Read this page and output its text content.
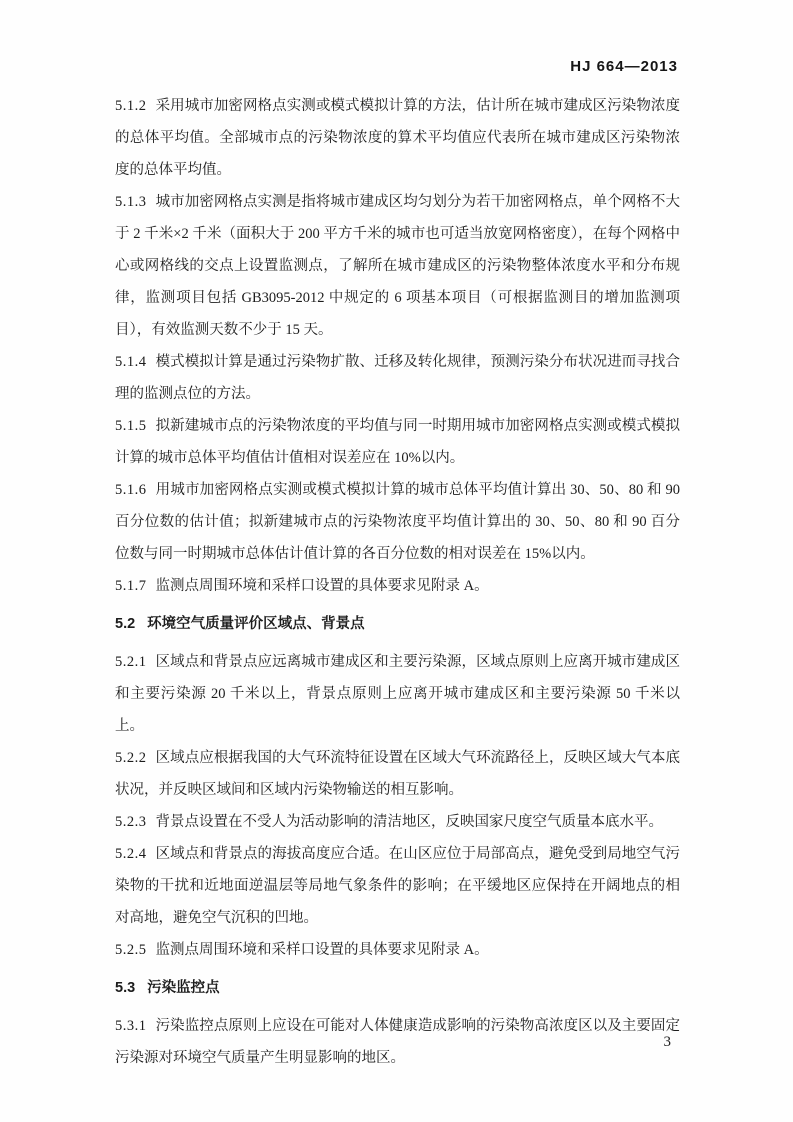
HJ 664—2013

5.1.2 采用城市加密网格点实测或模式模拟计算的方法，估计所在城市建成区污染物浓度的总体平均值。全部城市点的污染物浓度的算术平均值应代表所在城市建成区污染物浓度的总体平均值。

5.1.3 城市加密网格点实测是指将城市建成区均匀划分为若干加密网格点，单个网格不大于 2 千米×2 千米（面积大于 200 平方千米的城市也可适当放宽网格密度），在每个网格中心或网格线的交点上设置监测点，了解所在城市建成区的污染物整体浓度水平和分布规律，监测项目包括 GB3095-2012 中规定的 6 项基本项目（可根据监测目的增加监测项目），有效监测天数不少于 15 天。

5.1.4 模式模拟计算是通过污染物扩散、迁移及转化规律，预测污染分布状况进而寻找合理的监测点位的方法。

5.1.5 拟新建城市点的污染物浓度的平均值与同一时期用城市加密网格点实测或模式模拟计算的城市总体平均值估计值相对误差应在 10%以内。

5.1.6 用城市加密网格点实测或模式模拟计算的城市总体平均值计算出 30、50、80 和 90 百分位数的估计值；拟新建城市点的污染物浓度平均值计算出的 30、50、80 和 90 百分位数与同一时期城市总体估计值计算的各百分位数的相对误差在 15%以内。

5.1.7 监测点周围环境和采样口设置的具体要求见附录 A。

5.2 环境空气质量评价区域点、背景点

5.2.1 区域点和背景点应远离城市建成区和主要污染源，区域点原则上应离开城市建成区和主要污染源 20 千米以上，背景点原则上应离开城市建成区和主要污染源 50 千米以上。

5.2.2 区域点应根据我国的大气环流特征设置在区域大气环流路径上，反映区域大气本底状况，并反映区域间和区域内污染物输送的相互影响。

5.2.3 背景点设置在不受人为活动影响的清洁地区，反映国家尺度空气质量本底水平。

5.2.4 区域点和背景点的海拔高度应合适。在山区应位于局部高点，避免受到局地空气污染物的干扰和近地面逆温层等局地气象条件的影响；在平缓地区应保持在开阔地点的相对高地，避免空气沉积的凹地。

5.2.5 监测点周围环境和采样口设置的具体要求见附录 A。

5.3 污染监控点

5.3.1 污染监控点原则上应设在可能对人体健康造成影响的污染物高浓度区以及主要固定污染源对环境空气质量产生明显影响的地区。

3
